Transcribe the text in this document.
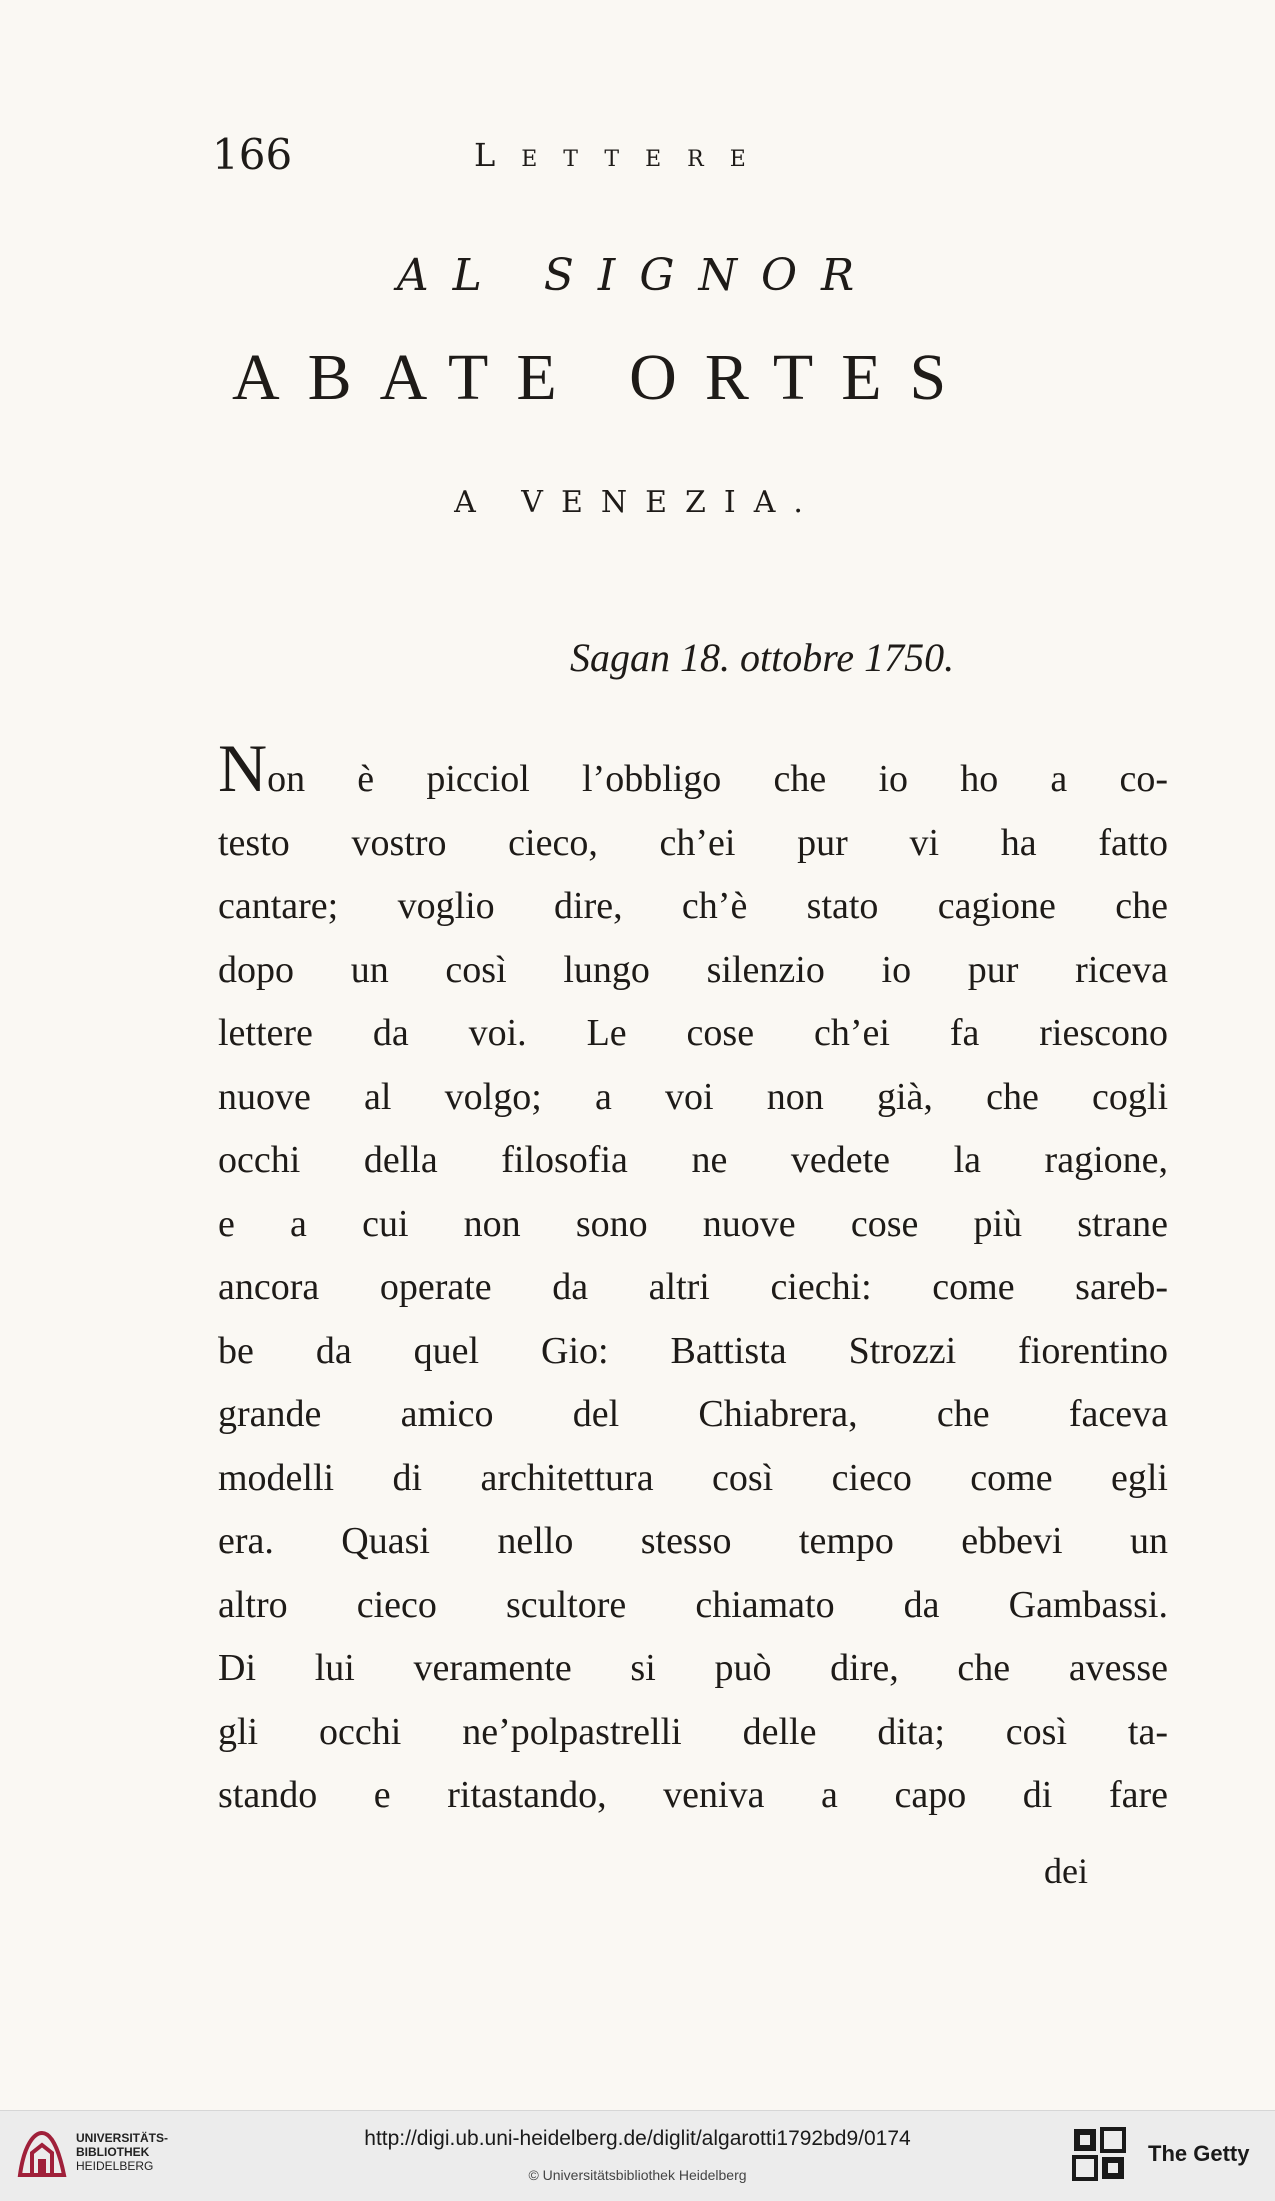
166	Lettere
AL SIGNOR
ABATE ORTES
A VENEZIA.
Sagan 18. ottobre 1750.
Non è picciol l’obbligo che io ho a co-
testo vostro cieco, ch’ei pur vi ha fatto
cantare; voglio dire, ch’è stato cagione che
dopo un così lungo silenzio io pur riceva
lettere da voi. Le cose ch’ei fa riescono
nuove al volgo; a voi non già, che cogli
occhi della filosofia ne vedete la ragione,
e a cui non sono nuove cose più strane
ancora operate da altri ciechi: come sareb-
be da quel Gio: Battista Strozzi fiorentino
grande amico del Chiabrera, che faceva
modelli di architettura così cieco come egli
era. Quasi nello stesso tempo ebbevi un
altro cieco scultore chiamato da Gambassi.
Di lui veramente si può dire, che avesse
gli occhi ne’polpastrelli delle dita; così ta-
stando e ritastando, veniva a capo di fare
dei
UNIVERSITÄTS-
BIBLIOTHEK
HEIDELBERG
http://digi.ub.uni-heidelberg.de/diglit/algarotti1792bd9/0174
© Universitätsbibliothek Heidelberg
The Getty
